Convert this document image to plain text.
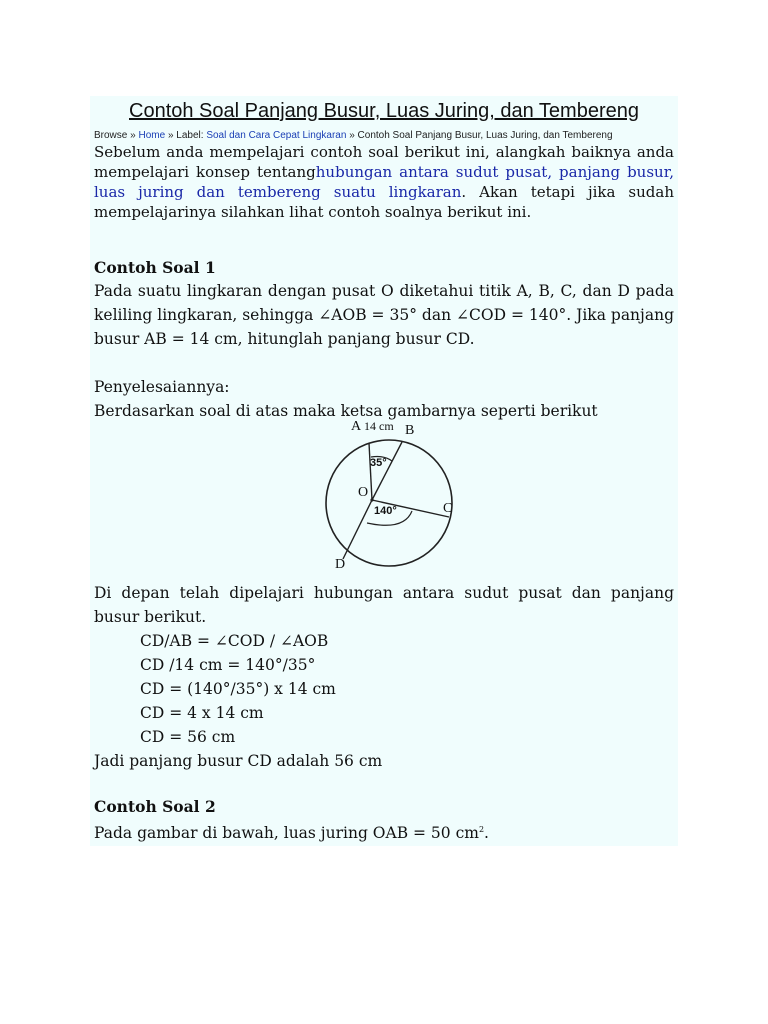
Contoh Soal Panjang Busur, Luas Juring, dan Tembereng
Browse » Home » Label: Soal dan Cara Cepat Lingkaran » Contoh Soal Panjang Busur, Luas Juring, dan Tembereng

Sebelum anda mempelajari contoh soal berikut ini, alangkah baiknya anda mempelajari konsep tentanghubungan antara sudut pusat, panjang busur, luas juring dan tembereng suatu lingkaran. Akan tetapi jika sudah mempelajarinya silahkan lihat contoh soalnya berikut ini.

Contoh Soal 1

Pada suatu lingkaran dengan pusat O diketahui titik A, B, C, dan D pada keliling lingkaran, sehingga ∠AOB = 35° dan ∠COD = 140°. Jika panjang busur AB = 14 cm, hitunglah panjang busur CD.

Penyelesaiannya:

Berdasarkan soal di atas maka ketsa gambarnya seperti berikut

A 14 cm B
35°
O
140°	C
D

Di depan telah dipelajari hubungan antara sudut pusat dan panjang busur berikut.

CD/AB = ∠COD / ∠AOB

CD /14 cm = 140°/35°

CD = (140°/35°) x 14 cm

CD = 4 x 14 cm

CD = 56 cm

Jadi panjang busur CD adalah 56 cm

Contoh Soal 2

Pada gambar di bawah, luas juring OAB = 50 $cm^2$.
